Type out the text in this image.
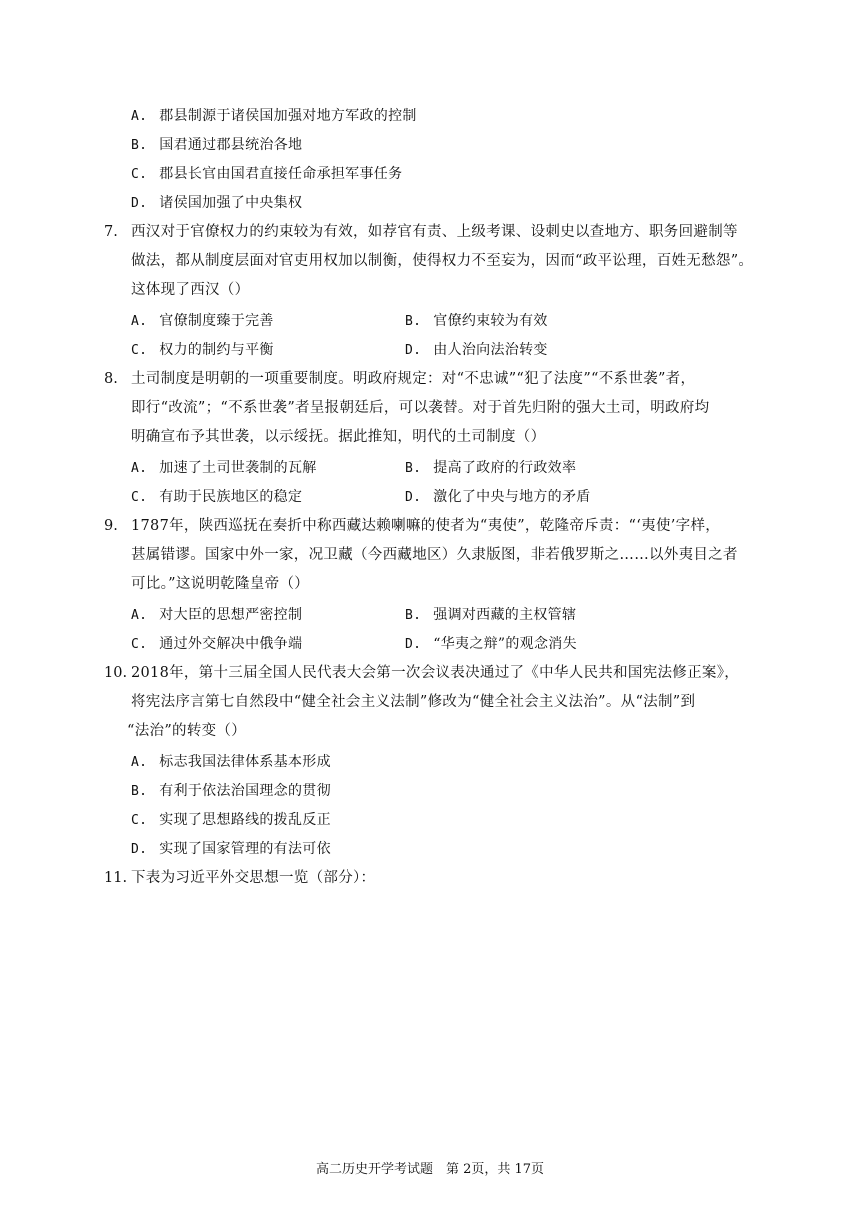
A. 郡县制源于诸侯国加强对地方军政的控制
B. 国君通过郡县统治各地
C. 郡县长官由国君直接任命承担军事任务
D. 诸侯国加强了中央集权
7. 西汉对于官僚权力的约束较为有效，如荐官有责、上级考课、设刺史以查地方、职务回避制等
做法，都从制度层面对官吏用权加以制衡，使得权力不至妄为，因而“政平讼理，百姓无愁怨”。
这体现了西汉（）
A. 官僚制度臻于完善	B. 官僚约束较为有效
C. 权力的制约与平衡	D. 由人治向法治转变
8. 土司制度是明朝的一项重要制度。明政府规定：对“不忠诚”“犯了法度”“不系世袭”者，
即行“改流”；“不系世袭”者呈报朝廷后，可以袭替。对于首先归附的强大土司，明政府均
明确宣布予其世袭，以示绥抚。据此推知，明代的土司制度（）
A. 加速了土司世袭制的瓦解	B. 提高了政府的行政效率
C. 有助于民族地区的稳定	D. 激化了中央与地方的矛盾
9. 1787年，陕西巡抚在奏折中称西藏达赖喇嘛的使者为“夷使”，乾隆帝斥责：“‘夷使’字样，
甚属错谬。国家中外一家，况卫藏（今西藏地区）久隶版图，非若俄罗斯之……以外夷目之者
可比。”这说明乾隆皇帝（）
A. 对大臣的思想严密控制	B. 强调对西藏的主权管辖
C. 通过外交解决中俄争端	D. “华夷之辩”的观念消失
10. 2018年，第十三届全国人民代表大会第一次会议表决通过了《中华人民共和国宪法修正案》，
将宪法序言第七自然段中“健全社会主义法制”修改为“健全社会主义法治”。从“法制”到
“法治”的转变（）
A. 标志我国法律体系基本形成
B. 有利于依法治国理念的贯彻
C. 实现了思想路线的拨乱反正
D. 实现了国家管理的有法可依
11. 下表为习近平外交思想一览（部分）：
高二历史开学考试题　第 2页，共 17页
